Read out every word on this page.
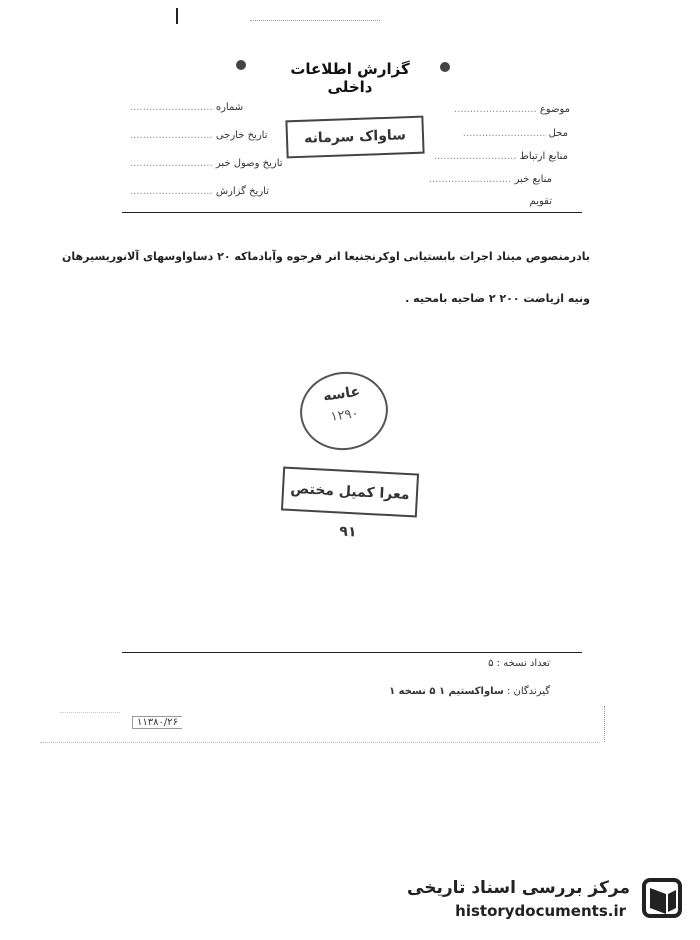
گزارش اطلاعات داخلی
موضوع ..........................
محل ..........................
منابع ارتباط ..........................
منابع خبر ..........................
تقویم
شماره ..........................
تاریخ خارجی ..........................
تاریخ وصول خبر ..........................
تاریخ گزارش ..........................
ساواک سرمانه
بادرمنصوص میناد اجرات بابستیانی اوکرنجنیعا انر فرجوه وآبادماکه ۲۰ دساواوسهای آلانوریسیرهان
ونیه ازیاضت ۲۰۰ ۲ ضاحیه بامحیه .
عاسه
۱۲۹۰
معرا کمیل مختص ۹۱
تعداد نسخه : ۵
گیرندگان : ساواکستیم ۱ ۵ نسخه ۱
۱۱۳۸۰/۲۶
مرکز بررسی اسناد تاریخی
historydocuments.ir
